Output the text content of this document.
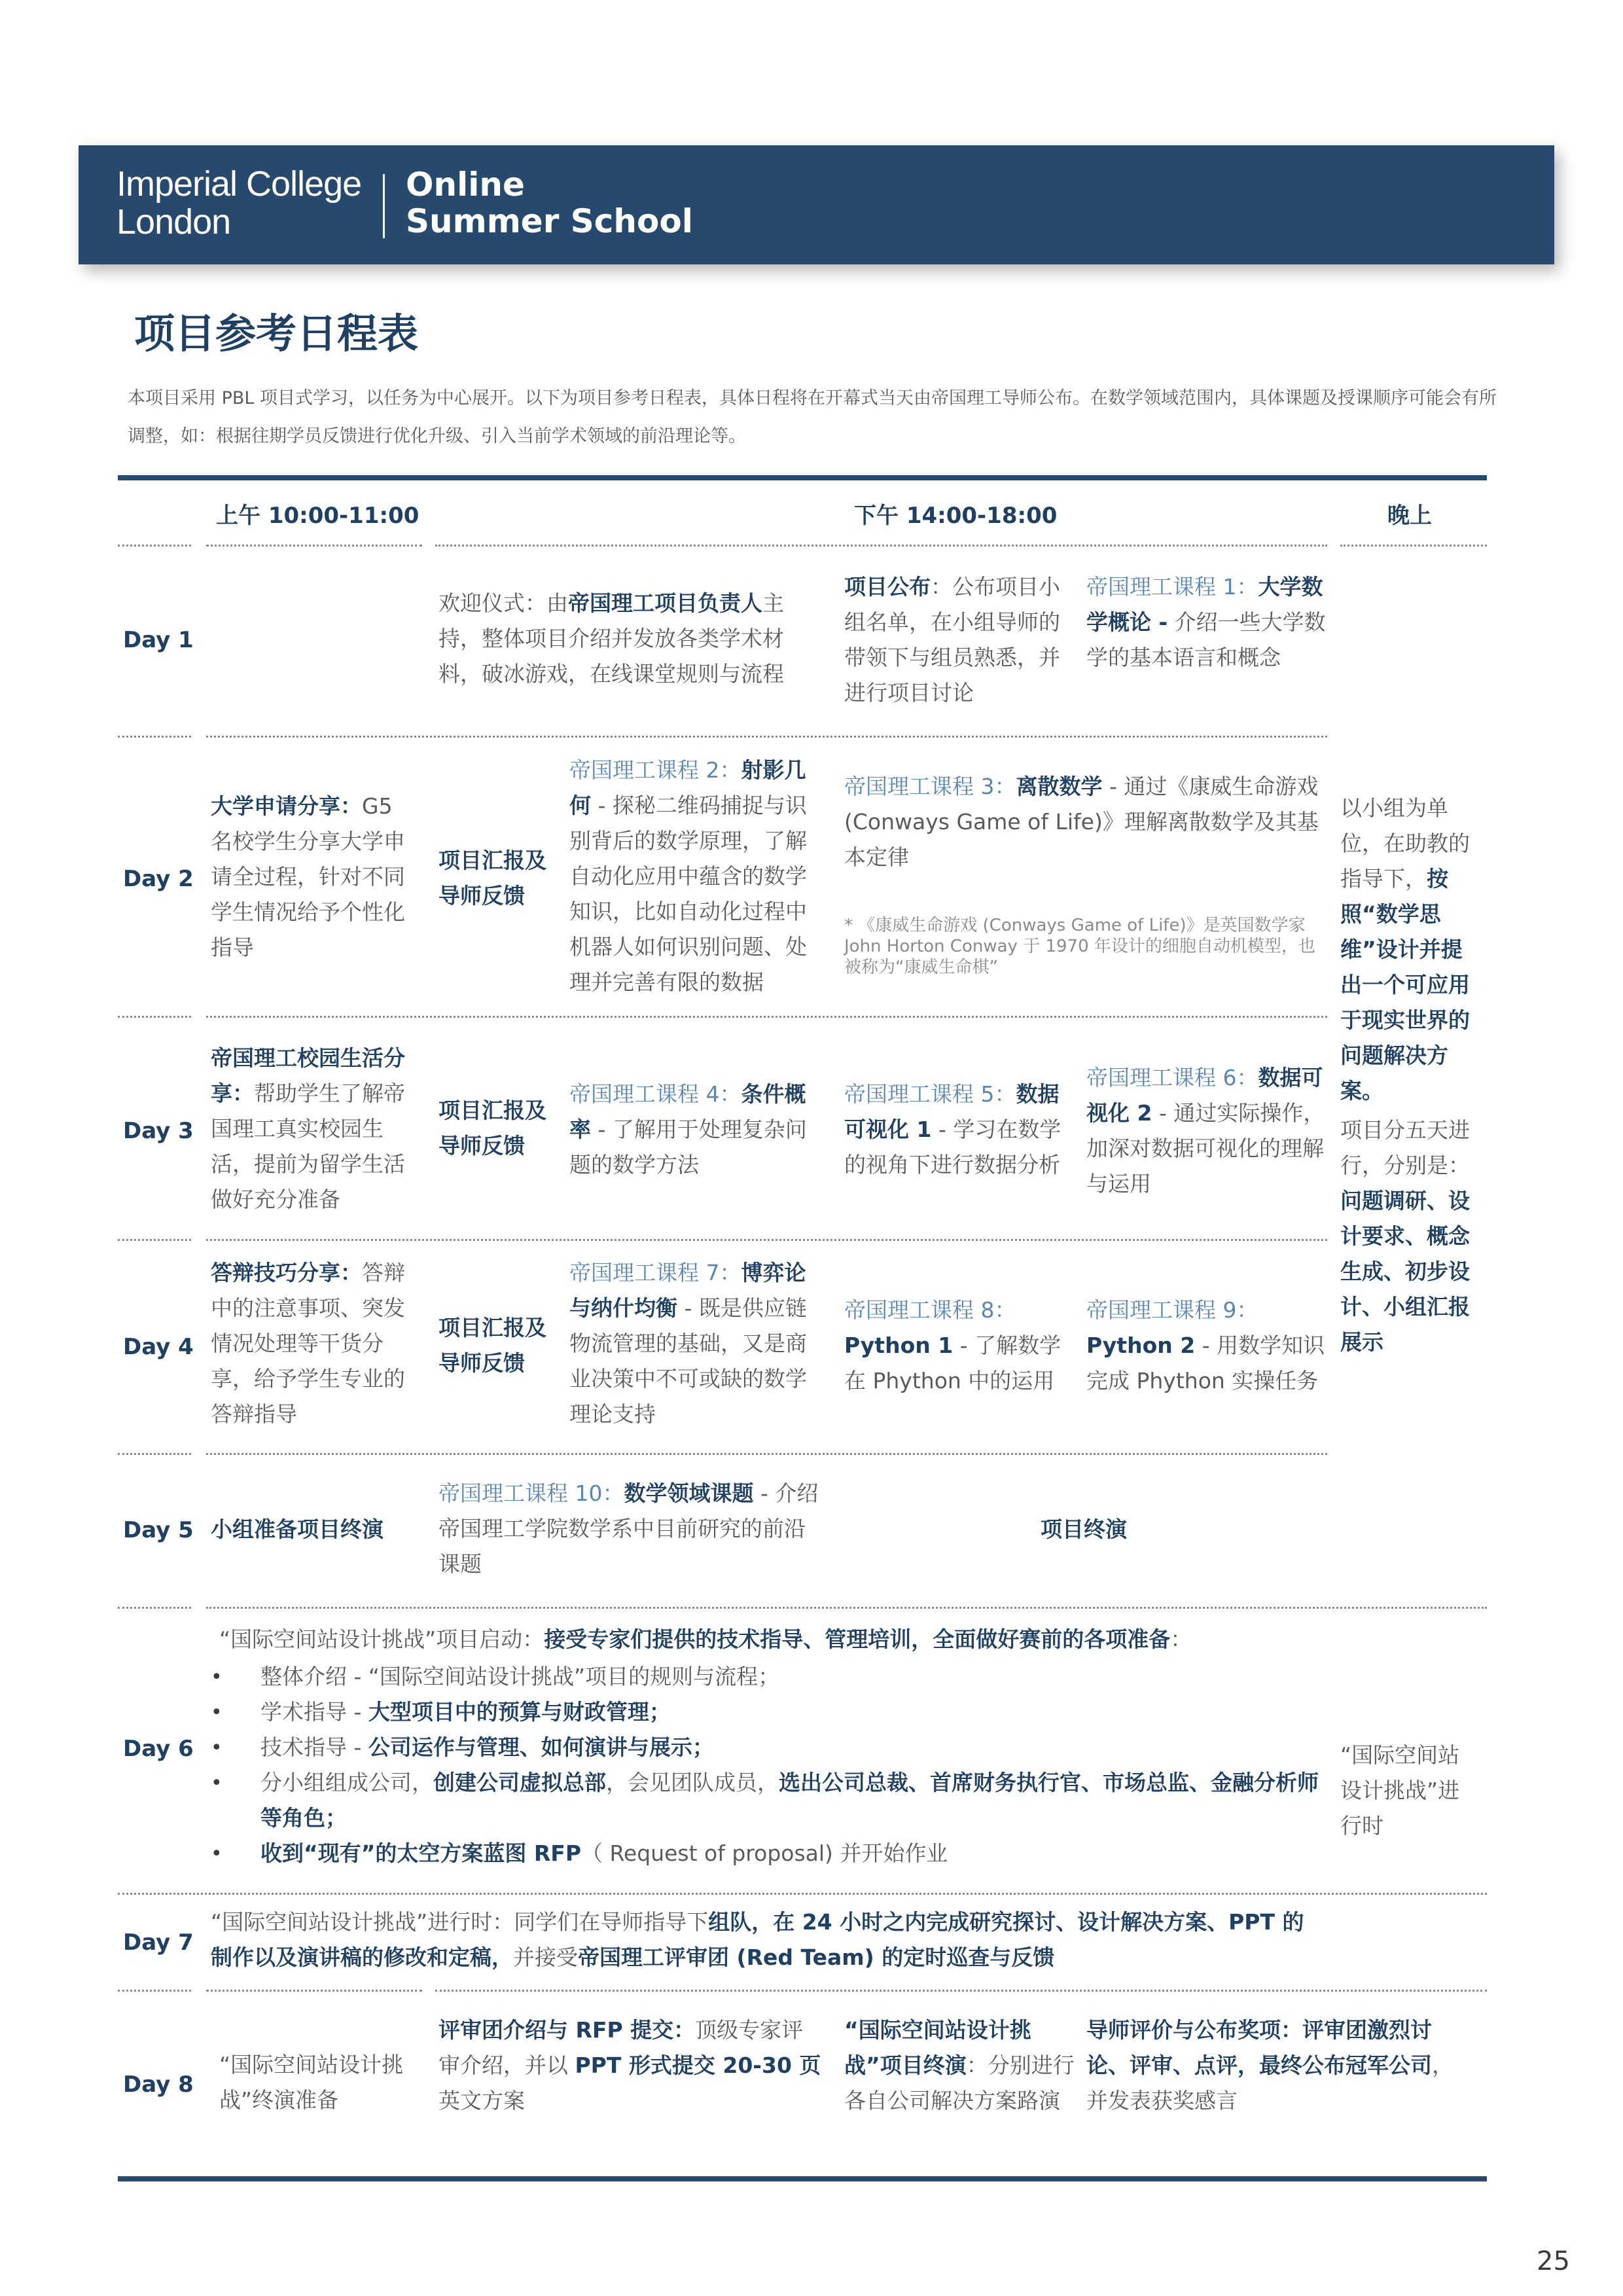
Imperial College
London
Online
Summer School
项目参考日程表

本项目采用 PBL 项目式学习，以任务为中心展开。以下为项目参考日程表，具体日程将在开幕式当天由帝国理工导师公布。在数学领域范围内，具体课题及授课顺序可能会有所调整，如：根据往期学员反馈进行优化升级、引入当前学术领域的前沿理论等。

上午 10:00-11:00	下午 14:00-18:00	晚上
Day 1

欢迎仪式：由帝国理工项目负责人主持，整体项目介绍并发放各类学术材料，破冰游戏，在线课堂规则与流程

项目公布：公布项目小组名单，在小组导师的带领下与组员熟悉，并进行项目讨论

帝国理工课程 1：大学数学概论 - 介绍一些大学数学的基本语言和概念

Day 2

大学申请分享：G5 名校学生分享大学申请全过程，针对不同学生情况给予个性化指导

项目汇报及导师反馈

帝国理工课程 2：射影几何 - 探秘二维码捕捉与识别背后的数学原理，了解自动化应用中蕴含的数学知识，比如自动化过程中机器人如何识别问题、处理并完善有限的数据

帝国理工课程 3：离散数学 - 通过《康威生命游戏 (Conways Game of Life)》理解离散数学及其基本定律

* 《康威生命游戏 (Conways Game of Life)》是英国数学家 John Horton Conway 于 1970 年设计的细胞自动机模型，也被称为“康威生命棋”

以小组为单位，在助教的指导下，按照“数学思维”设计并提出一个可应用于现实世界的问题解决方案。

项目分五天进行，分别是：问题调研、设计要求、概念生成、初步设计、小组汇报展示

Day 3

帝国理工校园生活分享：帮助学生了解帝国理工真实校园生活，提前为留学生活做好充分准备

项目汇报及导师反馈

帝国理工课程 4：条件概率 - 了解用于处理复杂问题的数学方法

帝国理工课程 5：数据可视化 1 - 学习在数学的视角下进行数据分析

帝国理工课程 6：数据可视化 2 - 通过实际操作，加深对数据可视化的理解与运用

Day 4

答辩技巧分享：答辩中的注意事项、突发情况处理等干货分享，给予学生专业的答辩指导

项目汇报及导师反馈

帝国理工课程 7：博弈论与纳什均衡 - 既是供应链物流管理的基础，又是商业决策中不可或缺的数学理论支持

帝国理工课程 8：Python 1 - 了解数学在 Phython 中的运用

帝国理工课程 9：Python 2 - 用数学知识完成 Phython 实操任务

Day 5 小组准备项目终演

帝国理工课程 10：数学领域课题 - 介绍帝国理工学院数学系中目前研究的前沿课题

项目终演

Day 6

“国际空间站设计挑战”项目启动：接受专家们提供的技术指导、管理培训，全面做好赛前的各项准备：

• 整体介绍 - “国际空间站设计挑战”项目的规则与流程；
• 学术指导 - 大型项目中的预算与财政管理；
• 技术指导 - 公司运作与管理、如何演讲与展示；
• 分小组组成公司，创建公司虚拟总部，会见团队成员，选出公司总裁、首席财务执行官、市场总监、金融分析师等角色；
• 收到“现有”的太空方案蓝图 RFP（ Request of proposal) 并开始作业

“国际空间站设计挑战”进行时

Day 7

“国际空间站设计挑战”进行时：同学们在导师指导下组队，在 24 小时之内完成研究探讨、设计解决方案、PPT 的制作以及演讲稿的修改和定稿，并接受帝国理工评审团 (Red Team) 的定时巡查与反馈

Day 8

“国际空间站设计挑战”终演准备

评审团介绍与 RFP 提交：顶级专家评审介绍，并以 PPT 形式提交 20-30 页英文方案

“国际空间站设计挑战”项目终演：分别进行各自公司解决方案路演

导师评价与公布奖项：评审团激烈讨论、评审、点评，最终公布冠军公司，并发表获奖感言

25
